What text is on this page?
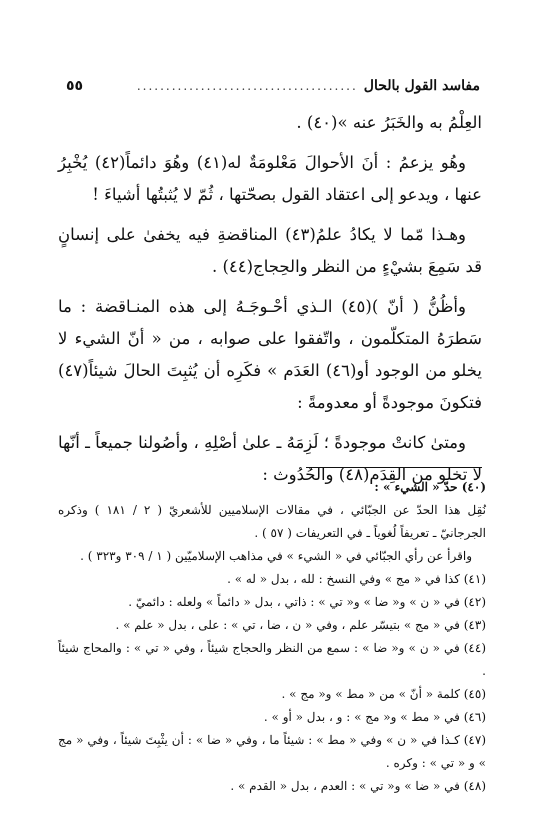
مفاسد القول بالحال
......................................
٥٥

العِلْمُ به والخَبَرُ عنه »(٤٠) .

وهُو يزعمُ : أنَ الأحوالَ مَعْلومَةٌ له(٤١) وهُوَ دائماً(٤٢) يُخْبِرُ عنها ، ويدعو إلى اعتقاد القول بصحّتها ، ثُمّ لا يُثبتُها أشياءَ !

وهـذا مّما لا يكادُ علمُ(٤٣) المناقضةِ فيه يخفىٰ على إنسانٍ قد سَمِعَ بشيْءٍ من النظر والحِجاج(٤٤) .

وأظُنُّ ( أنّ )(٤٥) الـذي أحْـوجَـهُ إلى هذه المنـاقضة : ما سَطرَهُ المتكلّمون ، واتّفقوا على صوابه ، من « أنّ الشيء لا يخلو من الوجود أو(٤٦) العَدَم » فكَرِه أن يُثبِتَ الحالَ شيئاً(٤٧) فتكونَ موجودةً أو معدومةً :

ومتىٰ كانتْ موجودةً ؛ لَزِمَهُ ـ علىٰ أصْلِهِ ، وأصُولنا جميعاً ـ أنّها لا تخلو من القِدَم(٤٨) والحُدُوث :

(٤٠) حدّ « الشيء » :

نُقِل هذا الحدّ عن الجبّائي ، في مقالات الإسلاميين للأشعريّ ( ٢ / ١٨١ ) وذكره الجرجانيّ ـ تعريفاً لُغوياً ـ في التعريفات ( ٥٧ ) .

واقرأ عن رأي الجبّائي في « الشيء » في مذاهب الإسلاميّين ( ١ / ٣٠٩ و٣٢٣ ) .

(٤١) كذا في « مج » وفي النسخ : لله ، بدل « له » .

(٤٢) في « ن » و« ضا » و« تي » : ذاتي ، بدل « دائماً » ولعله : دائميّ .

(٤٣) في « مج » بتيسّر علم ، وفي « ن ، ضا ، تي » : على ، بدل « علم » .

(٤٤) في « ن » و« ضا » : سمع من النظر والحجاج شيئاً ، وفي « تي » : والمحاج شيئاً .

(٤٥) كلمة « أنّ » من « مط » و« مج » .

(٤٦) في « مط » و« مج » : و ، بدل « أو » .

(٤٧) كـذا في « ن » وفي « مط » : شيئاً ما ، وفي « ضا » : أن يثْبِتَ شيئاً ، وفي « مج » و « تي » : وكره .

(٤٨) في « ضا » و« تي » : العدم ، بدل « القدم » .
